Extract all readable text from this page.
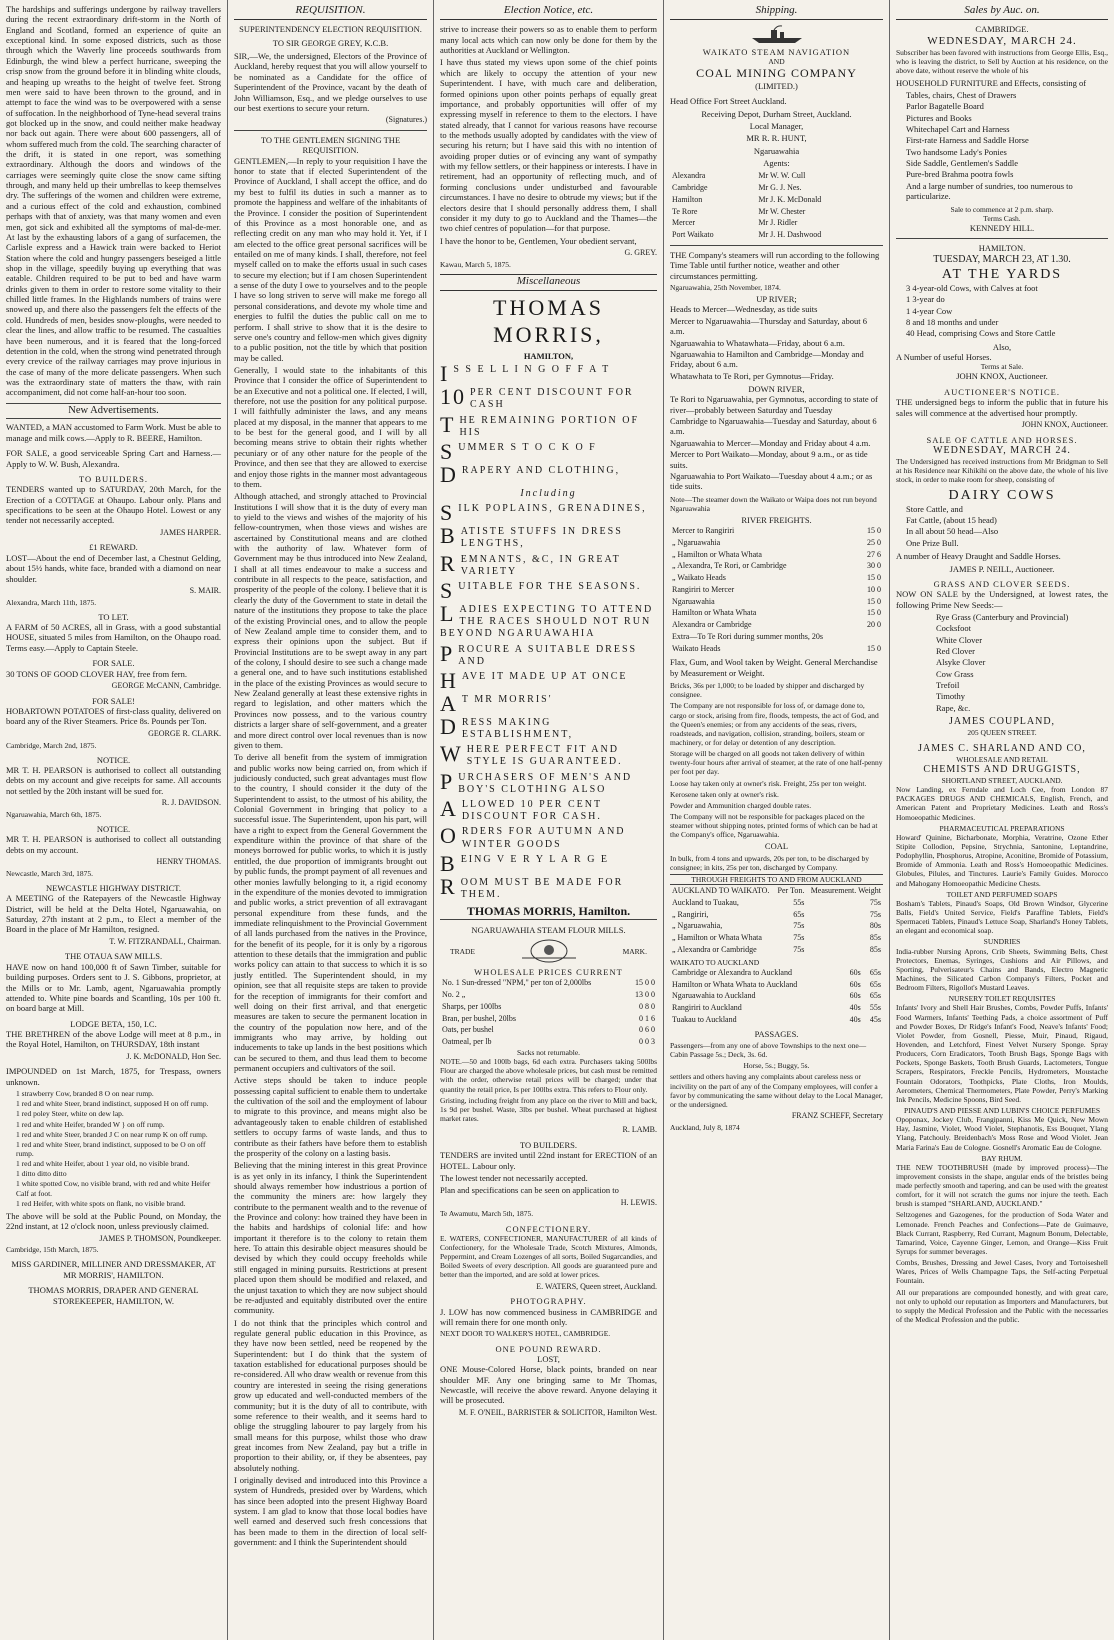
The hardships and sufferings undergone by railway travellers during the recent extraordinary drift-storm in the North of England and Scotland, formed an experience of quite an exceptional kind. In some exposed districts, such as those through which the Waverly line proceeds southwards from Edinburgh, the wind blew a perfect hurricane, sweeping the crisp snow from the ground before it in blinding white clouds, and heaping up wreaths to the height of twelve feet. Strong men were said to have been thrown to the ground, and in attempt to face the wind was to be overpowered with a sense of suffocation. In the neighborhood of Tyne-head several trains got blocked up in the snow, and could neither make headway nor back out again. There were about 600 passengers, all of whom suffered much from the cold. The searching character of the drift, it is stated in one report, was something extraordinary. Although the doors and windows of the carriages were seemingly quite close the snow came sifting through, and many held up their umbrellas to keep themselves dry. The sufferings of the women and children were extreme, and a curious effect of the cold and exhaustion, combined perhaps with that of anxiety, was that many women and even men, got sick and exhibited all the symptoms of mal-de-mer. At last by the exhausting labors of a gang of surfacemen, the Carlisle express and a Hawick train were backed to Heriot Station where the cold and hungry passengers beseiged a little shop in the village, speedily buying up everything that was eatable. Children required to be put to bed and have warm drinks given to them in order to restore some vitality to their chilled little frames. In the Highlands numbers of trains were snowed up, and there also the passengers felt the effects of the cold. Hundreds of men, besides snow-ploughs, were needed to clear the lines, and allow traffic to be resumed. The casualties have been numerous, and it is feared that the long-forced detention in the cold, when the strong wind penetrated through every crevice of the railway carriages may prove injurious in the case of many of the more delicate passengers. When such was the extraordinary state of matters the thaw, with rain accompaniment, did not come half-an-hour too soon.

New Advertisements.

WANTED, a MAN accustomed to Farm Work. Must be able to manage and milk cows.—Apply to R. BEERE, Hamilton.

FOR SALE, a good serviceable Spring Cart and Harness.—Apply to W. W. Bush, Alexandra.

TO BUILDERS.

TENDERS wanted up to SATURDAY, 20th March, for the Erection of a COTTAGE at Ohaupo. Labour only. Plans and specifications to be seen at the Ohaupo Hotel. Lowest or any tender not necessarily accepted.

JAMES HARPER.
£1 REWARD.

LOST—About the end of December last, a Chestnut Gelding, about 15½ hands, white face, branded with a diamond on near shoulder.

S. MAIR.

Alexandra, March 11th, 1875.

TO LET.

A FARM of 50 ACRES, all in Grass, with a good substantial HOUSE, situated 5 miles from Hamilton, on the Ohaupo road. Terms easy.—Apply to Captain Steele.

FOR SALE.

30 TONS OF GOOD CLOVER HAY, free from fern.

GEORGE McCANN, Cambridge.
FOR SALE!

HOBARTOWN POTATOES of first-class quality, delivered on board any of the River Steamers. Price 8s. Pounds per Ton.

GEORGE R. CLARK.

Cambridge, March 2nd, 1875.

NOTICE.

MR T. H. PEARSON is authorised to collect all outstanding debts on my account and give receipts for same. All accounts not settled by the 20th instant will be sued for.

R. J. DAVIDSON.

Ngaruawahia, March 6th, 1875.

NOTICE.

MR T. H. PEARSON is authorised to collect all outstanding debts on my account.

HENRY THOMAS.

Newcastle, March 3rd, 1875.

NEWCASTLE HIGHWAY DISTRICT.

A MEETING of the Ratepayers of the Newcastle Highway District, will be held at the Delta Hotel, Ngaruawahia, on Saturday, 27th instant at 2 p.m., to Elect a member of the Board in the place of Mr Hamilton, resigned.

T. W. FITZRANDALL, Chairman.
THE OTAUA SAW MILLS.

HAVE now on hand 100,000 ft of Sawn Timber, suitable for building purposes. Orders sent to J. S. Gibbons, proprietor, at the Mills or to Mr. Lamb, agent, Ngaruawahia promptly attended to. White pine boards and Scantling, 10s per 100 ft. on board barge at Mill.

LODGE BETA, 150, I.C.

THE BRETHREN of the above Lodge will meet at 8 p.m., in the Royal Hotel, Hamilton, on THURSDAY, 18th instant

J. K. McDONALD, Hon Sec.

IMPOUNDED on 1st March, 1875, for Trespass, owners unknown.

1 strawberry Cow, branded 8 O on near rump.
1 red and white Steer, brand indistinct, supposed H on off rump.
1 red poley Steer, white on dew lap.
1 red and white Heifer, branded W } on off rump.
1 red and white Steer, branded J C on near rump K on off rump.
1 red and white Steer, brand indistinct, supposed to be O on off rump.
1 red and white Heifer, about 1 year old, no visible brand.
1 ditto ditto ditto
1 white spotted Cow, no visible brand, with red and white Heifer Calf at foot.
1 red Heifer, with white spots on flank, no visible brand.

The above will be sold at the Public Pound, on Monday, the 22nd instant, at 12 o'clock noon, unless previously claimed.

JAMES P. THOMSON, Poundkeeper.

Cambridge, 15th March, 1875.

MISS GARDINER, MILLINER AND DRESSMAKER, AT MR MORRIS', HAMILTON.
THOMAS MORRIS, DRAPER AND GENERAL STOREKEEPER, HAMILTON, W.
REQUISITION.
SUPERINTENDENCY ELECTION REQUISITION.
TO SIR GEORGE GREY, K.C.B.

SIR,—We, the undersigned, Electors of the Province of Auckland, hereby request that you will allow yourself to be nominated as a Candidate for the office of Superintendent of the Province, vacant by the death of John Williamson, Esq., and we pledge ourselves to use our best exertions to secure your return.

(Signatures.)
TO THE GENTLEMEN SIGNING THE REQUISITION.

GENTLEMEN,—In reply to your requisition I have the honor to state that if elected Superintendent of the Province of Auckland, I shall accept the office, and do my best to fulfil its duties in such a manner as to promote the happiness and welfare of the inhabitants of the Province. I consider the position of Superintendent of this Province as a most honorable one, and as reflecting credit on any man who may hold it. Yet, if I am elected to the office great personal sacrifices will be entailed on me of many kinds. I shall, therefore, not feel myself called on to make the efforts usual in such cases to secure my election; but if I am chosen Superintendent a sense of the duty I owe to yourselves and to the people I have so long striven to serve will make me forego all personal considerations, and devote my whole time and energies to fulfil the duties the public call on me to perform. I shall strive to show that it is the desire to serve one's country and fellow-men which gives dignity to a public position, not the title by which that position may be called.

Generally, I would state to the inhabitants of this Province that I consider the office of Superintendent to be an Executive and not a political one. If elected, I will, therefore, not use the position for any political purpose. I will faithfully administer the laws, and any means placed at my disposal, in the manner that appears to me to be best for the general good, and I will by all becoming means strive to obtain their rights whether pecuniary or of any other nature for the people of the Province, and then see that they are allowed to exercise and enjoy those rights in the manner most advantageous to them.

Although attached, and strongly attached to Provincial Institutions I will show that it is the duty of every man to yield to the views and wishes of the majority of his fellow-countrymen, when those views and wishes are ascertained by Constitutional means and are clothed with the authority of law. Whatever form of Government may be thus introduced into New Zealand, I shall at all times endeavour to make a success and contribute in all respects to the peace, satisfaction, and prosperity of the people of the colony. I believe that it is clearly the duty of the Government to state in detail the nature of the institutions they propose to take the place of the existing Provincial ones, and to allow the people of New Zealand ample time to consider them, and to express their opinions upon the subject. But if Provincial Institutions are to be swept away in any part of the colony, I should desire to see such a change made a general one, and to have such institutions established in the place of the existing Provinces as would secure to New Zealand generally at least these extensive rights in regard to legislation, and other matters which the Provinces now possess, and to the various country districts a larger share of self-government, and a greater and more direct control over local revenues than is now given to them.

To derive all benefit from the system of immigration and public works now being carried on, from which if judiciously conducted, such great advantages must flow to the country, I should consider it the duty of the Superintendent to assist, to the utmost of his ability, the Colonial Government in bringing that policy to a successful issue. The Superintendent, upon his part, will have a right to expect from the General Government the expenditure within the province of that share of the moneys borrowed for public works, to which it is justly entitled, the due proportion of immigrants brought out by public funds, the prompt payment of all revenues and other monies lawfully belonging to it, a rigid economy in the expenditure of the monies devoted to immigration and public works, a strict prevention of all extravagant personal expenditure from these funds, and the immediate relinquishment to the Provincial Government of all lands purchased from the natives in the Province, for the benefit of its people, for it is only by a rigorous attention to these details that the immigration and public works policy can attain to that success to which it is so justly entitled. The Superintendent should, in my opinion, see that all requisite steps are taken to provide for the reception of immigrants for their comfort and well doing on their first arrival, and that energetic measures are taken to secure the permanent location in the country of the population now here, and of the immigrants who may arrive, by holding out inducements to take up lands in the best positions which can be secured to them, and thus lead them to become permanent occupiers and cultivators of the soil.

Active steps should be taken to induce people possessing capital sufficient to enable them to undertake the cultivation of the soil and the employment of labour to migrate to this province, and means might also be advantageously taken to enable children of established settlers to occupy farms of waste lands, and thus to contribute as their fathers have before them to establish the prosperity of the colony on a lasting basis.

Believing that the mining interest in this great Province is as yet only in its infancy, I think the Superintendent should always remember how industrious a portion of the community the miners are: how largely they contribute to the permanent wealth and to the revenue of the Province and colony: how trained they have been in the habits and hardships of colonial life: and how important it therefore is to the colony to retain them here. To attain this desirable object measures should be devised by which they could occupy freeholds while still engaged in mining pursuits. Restrictions at present placed upon them should be modified and relaxed, and the unjust taxation to which they are now subject should be re-adjusted and equitably distributed over the entire community.

I do not think that the principles which control and regulate general public education in this Province, as they have now been settled, need be reopened by the Superintendent: but I do think that the system of taxation established for educational purposes should be re-considered. All who draw wealth or revenue from this country are interested in seeing the rising generations grow up educated and well-conducted members of the community; but it is the duty of all to contribute, with some reference to their wealth, and it seems hard to oblige the struggling labourer to pay largely from his small means for this purpose, whilst those who draw great incomes from New Zealand, pay but a trifle in proportion to their ability, or, if they be absentees, pay absolutely nothing.

I originally devised and introduced into this Province a system of Hundreds, presided over by Wardens, which has since been adopted into the present Highway Board system. I am glad to know that those local bodies have well earned and deserved such fresh concessions that has been made to them in the direction of local self-government: and I think the Superintendent should

Election Notice, etc.

strive to increase their powers so as to enable them to perform many local acts which can now only be done for them by the authorities at Auckland or Wellington.

I have thus stated my views upon some of the chief points which are likely to occupy the attention of your new Superintendent. I have, with much care and deliberation, formed opinions upon other points perhaps of equally great importance, and probably opportunities will offer of my expressing myself in reference to them to the electors. I have stated already, that I cannot for various reasons have recourse to the methods usually adopted by candidates with the view of securing his return; but I have said this with no intention of avoiding proper duties or of evincing any want of sympathy with my fellow settlers, or their happiness or interests. I have in retirement, had an opportunity of reflecting much, and of forming conclusions under undisturbed and favourable circumstances. I have no desire to obtrude my views; but if the electors desire that I should personally address them, I shall consider it my duty to go to Auckland and the Thames—the two chief centres of population—for that purpose.

I have the honor to be, Gentlemen, Your obedient servant,

G. GREY.

Kawau, March 5, 1875.

Miscellaneous
THOMAS MORRIS,
HAMILTON,
I S S E L L I N G O F F A T
10 PER CENT DISCOUNT FOR CASH
THE REMAINING PORTION OF HIS
SUMMER S T O C K O F
DRAPERY AND CLOTHING,
Including
SILK POPLAINS, GRENADINES,
BATISTE STUFFS IN DRESS LENGTHS,
REMNANTS, &C, IN GREAT VARIETY
SUITABLE FOR THE SEASONS.
LADIES EXPECTING TO ATTEND THE RACES SHOULD NOT RUN BEYOND NGARUAWAHIA
PROCURE A SUITABLE DRESS AND
HAVE IT MADE UP AT ONCE
A T MR MORRIS'
DRESS MAKING ESTABLISHMENT,
WHERE PERFECT FIT AND STYLE IS GUARANTEED.
PURCHASERS OF MEN'S AND BOY'S CLOTHING ALSO
ALLOWED 10 PER CENT DISCOUNT FOR CASH.
ORDERS FOR AUTUMN AND WINTER GOODS
BEING V E R Y L A R G E
ROOM MUST BE MADE FOR THEM.
THOMAS MORRIS, Hamilton.
NGARUAWAHIA STEAM FLOUR MILLS.
TRADE	MARK.
WHOLESALE PRICES CURRENT
No. 1 Sun-dressed "NPM," per ton of 2,000lbs	15 0 0
No. 2 „	13 0 0
Sharps, per 100lbs	0 8 0
Bran, per bushel, 20lbs	0 1 6
Oats, per bushel	0 6 0
Oatmeal, per lb	0 0 3
Sacks not returnable.

NOTE.—50 and 100lb bags, 6d each extra. Purchasers taking 500lbs Flour are charged the above wholesale prices, but cash must be remitted with the order, otherwise retail prices will be charged; under that quantity the retail price, Is per 100lbs extra. This refers to Flour only.

Gristing, including freight from any place on the river to Mill and back, 1s 9d per bushel. Waste, 3lbs per bushel. Wheat purchased at highest market rates.

R. LAMB.
TO BUILDERS.

TENDERS are invited until 22nd instant for ERECTION of an HOTEL. Labour only.

The lowest tender not necessarily accepted.

Plan and specifications can be seen on application to

H. LEWIS.

Te Awamutu, March 5th, 1875.

CONFECTIONERY.

E. WATERS, CONFECTIONER, MANUFACTURER of all kinds of Confectionery, for the Wholesale Trade, Scotch Mixtures, Almonds, Peppermint, and Cream Lozenges of all sorts, Boiled Sugarcandies, and Boiled Sweets of every description. All goods are guaranteed pure and better than the imported, and are sold at lower prices.

E. WATERS, Queen street, Auckland.
PHOTOGRAPHY.

J. LOW has now commenced business in CAMBRIDGE and will remain there for one month only.

NEXT DOOR TO WALKER'S HOTEL, CAMBRIDGE.

ONE POUND REWARD.
LOST,

ONE Mouse-Colored Horse, black points, branded on near shoulder MF. Any one bringing same to Mr Thomas, Newcastle, will receive the above reward. Anyone delaying it will be prosecuted.

M. F. O'NEIL, BARRISTER & SOLICITOR, Hamilton West.
Shipping.
WAIKATO STEAM NAVIGATION
AND
COAL MINING COMPANY
(LIMITED.)

Head Office Fort Street Auckland.

Receiving Depot, Durham Street, Auckland.

Local Manager,

MR R. R. HUNT,

Ngaruawahia

Agents:

Alexandra	Mr W. W. Cull
Cambridge	Mr G. J. Nes.
Hamilton	Mr J. K. McDonald
Te Rore	Mr W. Chester
Mercer	Mr J. Ridler
Port Waikato	Mr J. H. Dashwood

THE Company's steamers will run according to the following Time Table until further notice, weather and other circumstances permitting.

Ngaruawahia, 25th November, 1874.

UP RIVER;
Heads to Mercer—Wednesday, as tide suits
Mercer to Ngaruawahia—Thursday and Saturday, about 6 a.m.
Ngaruawahia to Whatawhata—Friday, about 6 a.m.
Ngaruawahia to Hamilton and Cambridge—Monday and Friday, about 6 a.m.
Whatawhata to Te Rori, per Gymnotus—Friday.
DOWN RIVER,
Te Rori to Ngaruawahia, per Gymnotus, according to state of river—probably between Saturday and Tuesday
Cambridge to Ngaruawahia—Tuesday and Saturday, about 6 a.m.
Ngaruawahia to Mercer—Monday and Friday about 4 a.m.
Mercer to Port Waikato—Monday, about 9 a.m., or as tide suits.
Ngaruawahia to Port Waikato—Tuesday about 4 a.m.; or as tide suits.

Note—The steamer down the Waikato or Waipa does not run beyond Ngaruawahia

RIVER FREIGHTS.
Mercer to Rangiriri	15 0
„ Ngaruawahia	25 0
„ Hamilton or Whata Whata	27 6
„ Alexandra, Te Rori, or Cambridge	30 0
„ Waikato Heads	15 0
Rangiriri to Mercer	10 0
Ngaruawahia	15 0
Hamilton or Whata Whata	15 0
Alexandra or Cambridge	20 0
Extra—To Te Rori during summer months, 20s	
Waikato Heads	15 0

Flax, Gum, and Wool taken by Weight. General Merchandise by Measurement or Weight.

Bricks, 36s per 1,000; to be loaded by shipper and discharged by consignee.

The Company are not responsible for loss of, or damage done to, cargo or stock, arising from fire, floods, tempests, the act of God, and the Queen's enemies; or from any accidents of the seas, rivers, roadsteads, and navigation, collision, stranding, boilers, steam or machinery, or for delay or detention of any description.

Storage will be charged on all goods not taken delivery of within twenty-four hours after arrival of steamer, at the rate of one half-penny per foot per day.

Loose hay taken only at owner's risk. Freight, 25s per ton weight.

Kerosene taken only at owner's risk.

Powder and Ammunition charged double rates.

The Company will not be responsible for packages placed on the steamer without shipping notes, printed forms of which can be had at the Company's office, Ngaruawahia.

COAL

In bulk, from 4 tons and upwards, 20s per ton, to be discharged by consignee; in kits, 25s per ton, discharged by Company.

THROUGH FREIGHTS TO AND FROM AUCKLAND
AUCKLAND TO WAIKATO.	Per Ton.	Measurement. Weight
Auckland to Tuakau,	55s	75s
„ Rangiriri,	65s	75s
„ Ngaruawahia,	75s	80s
„ Hamilton or Whata Whata	75s	85s
„ Alexandra or Cambridge	75s	85s
WAIKATO TO AUCKLAND
Cambridge or Alexandra to Auckland	60s	65s
Hamilton or Whata Whata to Auckland	60s	65s
Ngaruawahia to Auckland	60s	65s
Rangiriri to Auckland	40s	55s
Tuakau to Auckland	40s	45s
PASSAGES.

Passengers—from any one of above Townships to the next one—Cabin Passage 5s.; Deck, 3s. 6d.

Horse, 5s.; Buggy, 5s.

settlers and others having any complaints about careless ness or incivility on the part of any of the Company employees, will confer a favor by communicating the same without delay to the Local Manager, or the undersigned.

FRANZ SCHEFF, Secretary

Auckland, July 8, 1874

Sales by Auc. on.
CAMBRIDGE.
WEDNESDAY, MARCH 24.

Subscriber has been favored with instructions from George Ellis, Esq., who is leaving the district, to Sell by Auction at his residence, on the above date, without reserve the whole of his

HOUSEHOLD FURNITURE and Effects, consisting of

Tables, chairs, Chest of Drawers
Parlor Bagatelle Board
Pictures and Books
Whitechapel Cart and Harness
First-rate Harness and Saddle Horse
Two handsome Lady's Ponies
Side Saddle, Gentlemen's Saddle
Pure-bred Brahma pootra fowls
And a large number of sundries, too numerous to particularize.
Sale to commence at 2 p.m. sharp.
Terms Cash.
KENNEDY HILL.
HAMILTON.
TUESDAY, MARCH 23, AT 1.30.
AT THE YARDS
3 4-year-old Cows, with Calves at foot
1 3-year do
1 4-year Cow
8 and 18 months and under
40 Head, comprising Cows and Store Cattle
Also,
A Number of useful Horses.
Terms at Sale.
JOHN KNOX, Auctioneer.
AUCTIONEER'S NOTICE.

THE undersigned begs to inform the public that in future his sales will commence at the advertised hour promptly.

JOHN KNOX, Auctioneer.
SALE OF CATTLE AND HORSES.
WEDNESDAY, MARCH 24.

The Undersigned has received instructions from Mr Bridgman to Sell at his Residence near Kihikihi on the above date, the whole of his live stock, in order to make room for sheep, consisting of

DAIRY COWS
Store Cattle, and
Fat Cattle, (about 15 head)
In all about 50 head—Also
One Prize Bull.

A number of Heavy Draught and Saddle Horses.

JAMES P. NEILL, Auctioneer.
GRASS AND CLOVER SEEDS.

NOW ON SALE by the Undersigned, at lowest rates, the following Prime New Seeds:—

Rye Grass (Canterbury and Provincial)
Cocksfoot
White Clover
Red Clover
Alsyke Clover
Cow Grass
Trefoil
Timothy
Rape, &c.
JAMES COUPLAND,
205 QUEEN STREET.
JAMES C. SHARLAND AND CO,
WHOLESALE AND RETAIL
CHEMISTS AND DRUGGISTS,
SHORTLAND STREET, AUCKLAND.

Now Landing, ex Ferndale and Loch Cee, from London 87 PACKAGES DRUGS AND CHEMICALS, English, French, and American Patent and Proprietary Medicines. Leath and Ross's Homoeopathic Medicines.

PHARMACEUTICAL PREPARATIONS

Howard' Quinine, Bicharbonate, Morphia, Veratrine, Ozone Ether Stipite Collodion, Pepsine, Strychnia, Santonine, Leptandrine, Podophyllin, Phosphorus, Atropine, Aconitine, Bromide of Potassium, Bromide of Ammonia. Leath and Ross's Homoeopathic Medicines. Globules, Pilules, and Tinctures. Laurie's Family Guides. Morocco and Mahogany Homoeopathic Medicine Chests.

TOILET AND PERFUMED SOAPS

Bosham's Tablets, Pinaud's Soaps, Old Brown Windsor, Glycerine Balls, Field's United Service, Field's Paraffine Tablets, Field's Spermaceti Tablets, Pinaud's Lettuce Soap, Sharland's Honey Tablets, an elegant and economical soap.

SUNDRIES

India-rubber Nursing Aprons, Crib Sheets, Swimming Belts, Chest Protectors, Enemas, Syringes, Cushions and Air Pillows, and Sporting, Pulverisateur's Chains and Bands, Electro Magnetic Machines, the Silicated Carbon Company's Filters, Pocket and Bedroom Filters, Rigollot's Mustard Leaves.

NURSERY TOILET REQUISITES

Infants' Ivory and Shell Hair Brushes, Combs, Powder Puffs, Infants' Food Warmers, Infants' Teething Pads, a choice assortment of Puff and Powder Boxes, Dr Ridge's Infant's Food, Neave's Infants' Food; Violet Powder, from Gosnell, Piesse, Muir, Pinaud, Rigaud, Hovenden, and Letchford, Finest Velvet Nursery Sponge. Spray Producers, Corn Eradicators, Tooth Brush Bags, Sponge Bags with Pockets, Sponge Baskets, Tooth Brush Guards, Lactometers, Tongue Scrapers, Respirators, Freckle Pencils, Hydrometers, Moustache Fountain Odorators, Toothpicks, Plate Cloths, Iron Moulds, Aerometers, Chemical Thermometers, Plate Powder, Perry's Marking Ink Pencils, Medicine Spoons, Bird Seed.

PINAUD'S AND PIESSE AND LUBIN'S CHOICE PERFUMES

Opoponax, Jockey Club, Frangipanni, Kiss Me Quick, New Mown Hay, Jasmine, Violet, Wood Violet, Stephanotis, Ess Bouquet, Ylang Ylang, Patchouly. Breidenbach's Moss Rose and Wood Violet. Jean Maria Farina's Eau de Cologne. Gosnell's Aromatic Eau de Cologne.

BAY RHUM.

THE NEW TOOTHBRUSH (made by improved process)—The improvement consists in the shape, angular ends of the bristles being made perfectly smooth and tapering, and can be used with the greatest comfort, for it will not scratch the gums nor injure the teeth. Each brush is stamped "SHARLAND, AUCKLAND."

Seltzogenes and Gazogenes, for the production of Soda Water and Lemonade. French Peaches and Confections—Pate de Guimauve, Black Currant, Raspberry, Red Currant, Magnum Bonum, Delectable, Tamarind, Voice, Cayenne Ginger, Lemon, and Orange—Kiss Fruit Syrups for summer beverages.

Combs, Brushes, Dressing and Jewel Cases, Ivory and Tortoiseshell Wares, Prices of Wells Champagne Taps, the Self-acting Perpetual Fountain.

All our preparations are compounded honestly, and with great care, not only to uphold our reputation as Importers and Manufacturers, but to supply the Medical Profession and the Public with the necessaries of the Medical Profession and the public.
